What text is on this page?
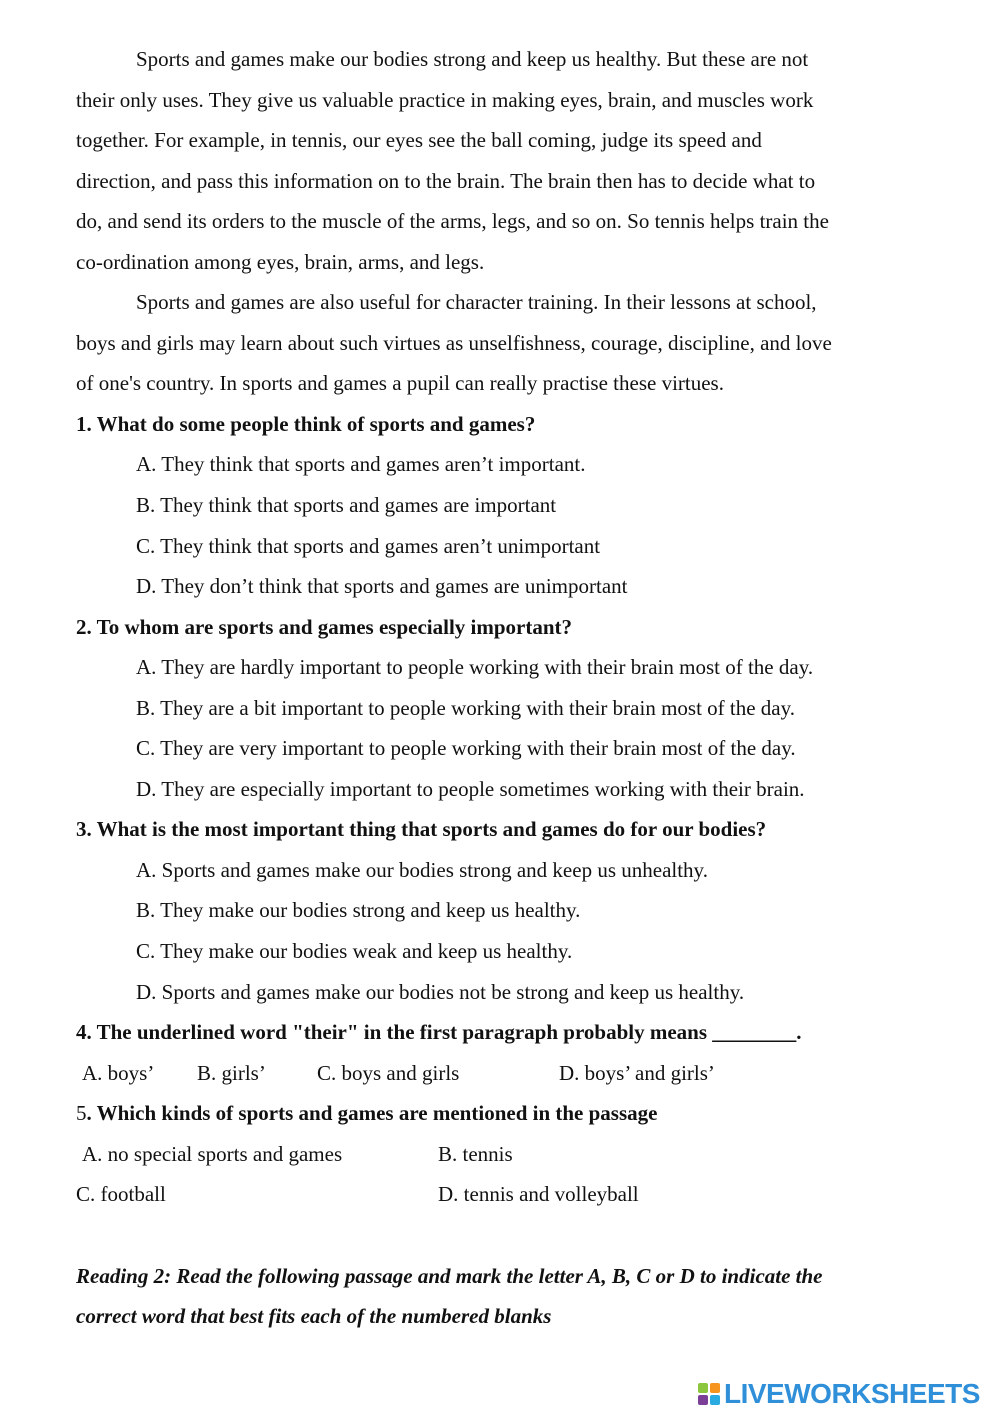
Sports and games make our bodies strong and keep us healthy. But these are not
their only uses. They give us valuable practice in making eyes, brain, and muscles work
together. For example, in tennis, our eyes see the ball coming, judge its speed and
direction, and pass this information on to the brain. The brain then has to decide what to
do, and send its orders to the muscle of the arms, legs, and so on. So tennis helps train the
co-ordination among eyes, brain, arms, and legs.
Sports and games are also useful for character training. In their lessons at school,
boys and girls may learn about such virtues as unselfishness, courage, discipline, and love
of one's country. In sports and games a pupil can really practise these virtues.
1. What do some people think of sports and games?
A. They think that sports and games aren’t important.
B. They think that sports and games are important
C. They think that sports and games aren’t unimportant
D. They don’t think that sports and games are unimportant
2. To whom are sports and games especially important?
A. They are hardly important to people working with their brain most of the day.
B. They are a bit important to people working with their brain most of the day.
C. They are very important to people working with their brain most of the day.
D. They are especially important to people sometimes working with their brain.
3. What is the most important thing that sports and games do for our bodies?
A. Sports and games make our bodies strong and keep us unhealthy.
B. They make our bodies strong and keep us healthy.
C. They make our bodies weak and keep us healthy.
D. Sports and games make our bodies not be strong and keep us healthy.
4. The underlined word "their" in the first paragraph probably means ________.
A. boys’ B. girls’ C. boys and girls	D. boys’ and girls’
5. Which kinds of sports and games are mentioned in the passage
A. no special sports and games	B. tennis
C. football	D. tennis and volleyball
Reading 2: Read the following passage and mark the letter A, B, C or D to indicate the
correct word that best fits each of the numbered blanks
LIVEWORKSHEETS
